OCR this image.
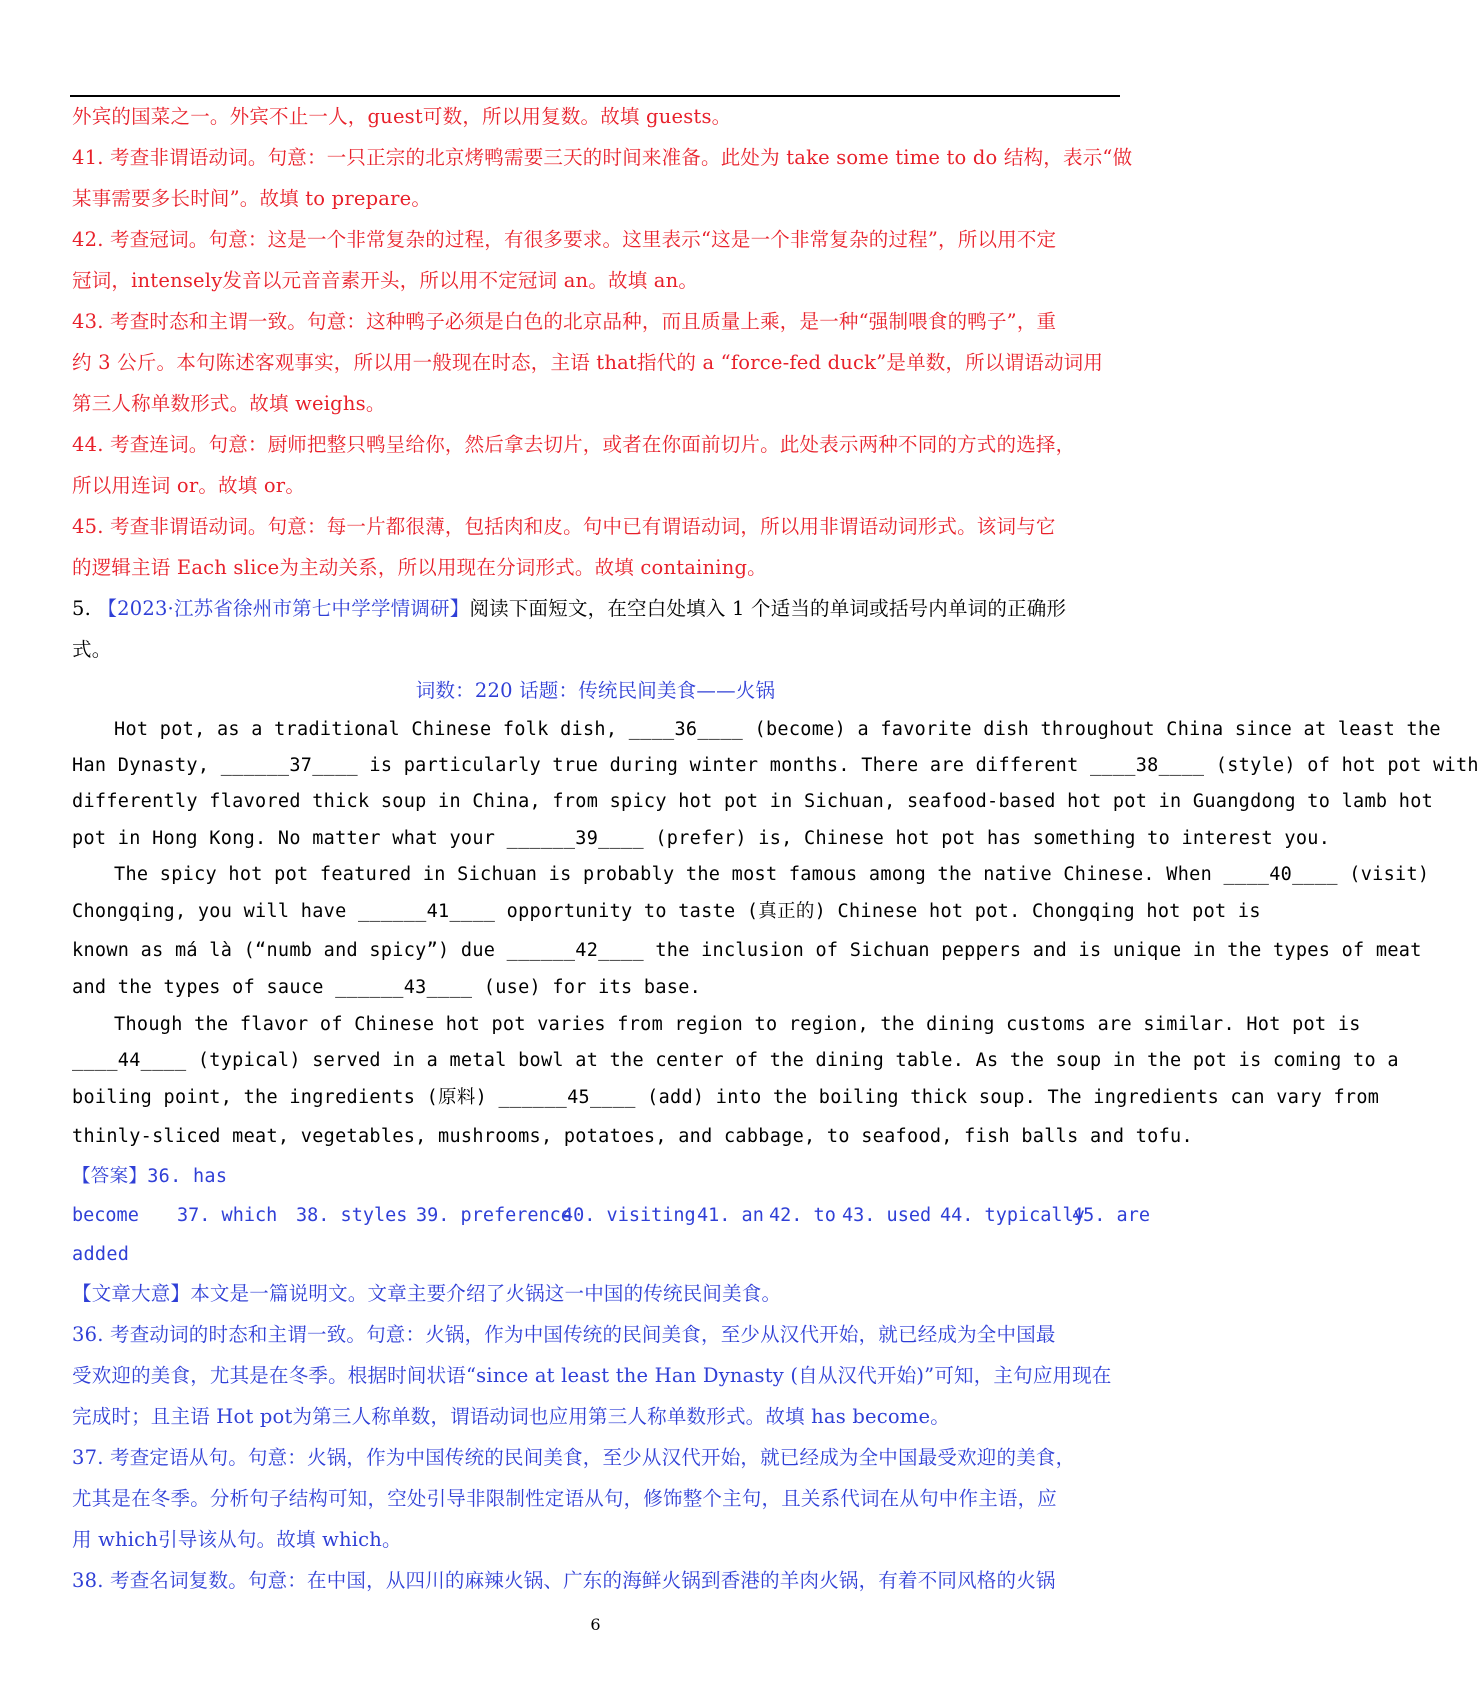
外宾的国菜之一。外宾不止一人，guest可数，所以用复数。故填 guests。
41. 考查非谓语动词。句意：一只正宗的北京烤鸭需要三天的时间来准备。此处为 take some time to do 结构，表示“做
某事需要多长时间”。故填 to prepare。
42. 考查冠词。句意：这是一个非常复杂的过程，有很多要求。这里表示“这是一个非常复杂的过程”，所以用不定
冠词，intensely发音以元音音素开头，所以用不定冠词 an。故填 an。
43. 考查时态和主谓一致。句意：这种鸭子必须是白色的北京品种，而且质量上乘，是一种“强制喂食的鸭子”，重
约 3 公斤。本句陈述客观事实，所以用一般现在时态，主语 that指代的 a “force-fed duck”是单数，所以谓语动词用
第三人称单数形式。故填 weighs。
44. 考查连词。句意：厨师把整只鸭呈给你，然后拿去切片，或者在你面前切片。此处表示两种不同的方式的选择，
所以用连词 or。故填 or。
45. 考查非谓语动词。句意：每一片都很薄，包括肉和皮。句中已有谓语动词，所以用非谓语动词形式。该词与它
的逻辑主语 Each slice为主动关系，所以用现在分词形式。故填 containing。
5. 【2023·江苏省徐州市第七中学学情调研】阅读下面短文，在空白处填入 1 个适当的单词或括号内单词的正确形
式。
词数：220 话题：传统民间美食——火锅
Hot pot, as a traditional Chinese folk dish, ____36____ (become) a favorite dish throughout China since at least the
Han Dynasty, ______37____ is particularly true during winter months. There are different ____38____ (style) of hot pot with
differently flavored thick soup in China, from spicy hot pot in Sichuan, seafood-based hot pot in Guangdong to lamb hot
pot in Hong Kong. No matter what your ______39____ (prefer) is, Chinese hot pot has something to interest you.
The spicy hot pot featured in Sichuan is probably the most famous among the native Chinese. When ____40____ (visit)
Chongqing, you will have ______41____ opportunity to taste (真正的) Chinese hot pot. Chongqing hot pot is
known as má là (“numb and spicy”) due ______42____ the inclusion of Sichuan peppers and is unique in the types of meat
and the types of sauce ______43____ (use) for its base.
Though the flavor of Chinese hot pot varies from region to region, the dining customs are similar. Hot pot is
____44____ (typical) served in a metal bowl at the center of the dining table. As the soup in the pot is coming to a
boiling point, the ingredients (原料) ______45____ (add) into the boiling thick soup. The ingredients can vary from
thinly-sliced meat, vegetables, mushrooms, potatoes, and cabbage, to seafood, fish balls and tofu.
【答案】36. has
become 37. which 38. styles 39. preference
40. visiting 41. an 42. to 43. used 44. typically
45. are
added
【文章大意】本文是一篇说明文。文章主要介绍了火锅这一中国的传统民间美食。
36. 考查动词的时态和主谓一致。句意：火锅，作为中国传统的民间美食，至少从汉代开始，就已经成为全中国最
受欢迎的美食，尤其是在冬季。根据时间状语“since at least the Han Dynasty (自从汉代开始)”可知，主句应用现在
完成时；且主语 Hot pot为第三人称单数，谓语动词也应用第三人称单数形式。故填 has become。
37. 考查定语从句。句意：火锅，作为中国传统的民间美食，至少从汉代开始，就已经成为全中国最受欢迎的美食，
尤其是在冬季。分析句子结构可知，空处引导非限制性定语从句，修饰整个主句，且关系代词在从句中作主语，应
用 which引导该从句。故填 which。
38. 考查名词复数。句意：在中国，从四川的麻辣火锅、广东的海鲜火锅到香港的羊肉火锅，有着不同风格的火锅
6
